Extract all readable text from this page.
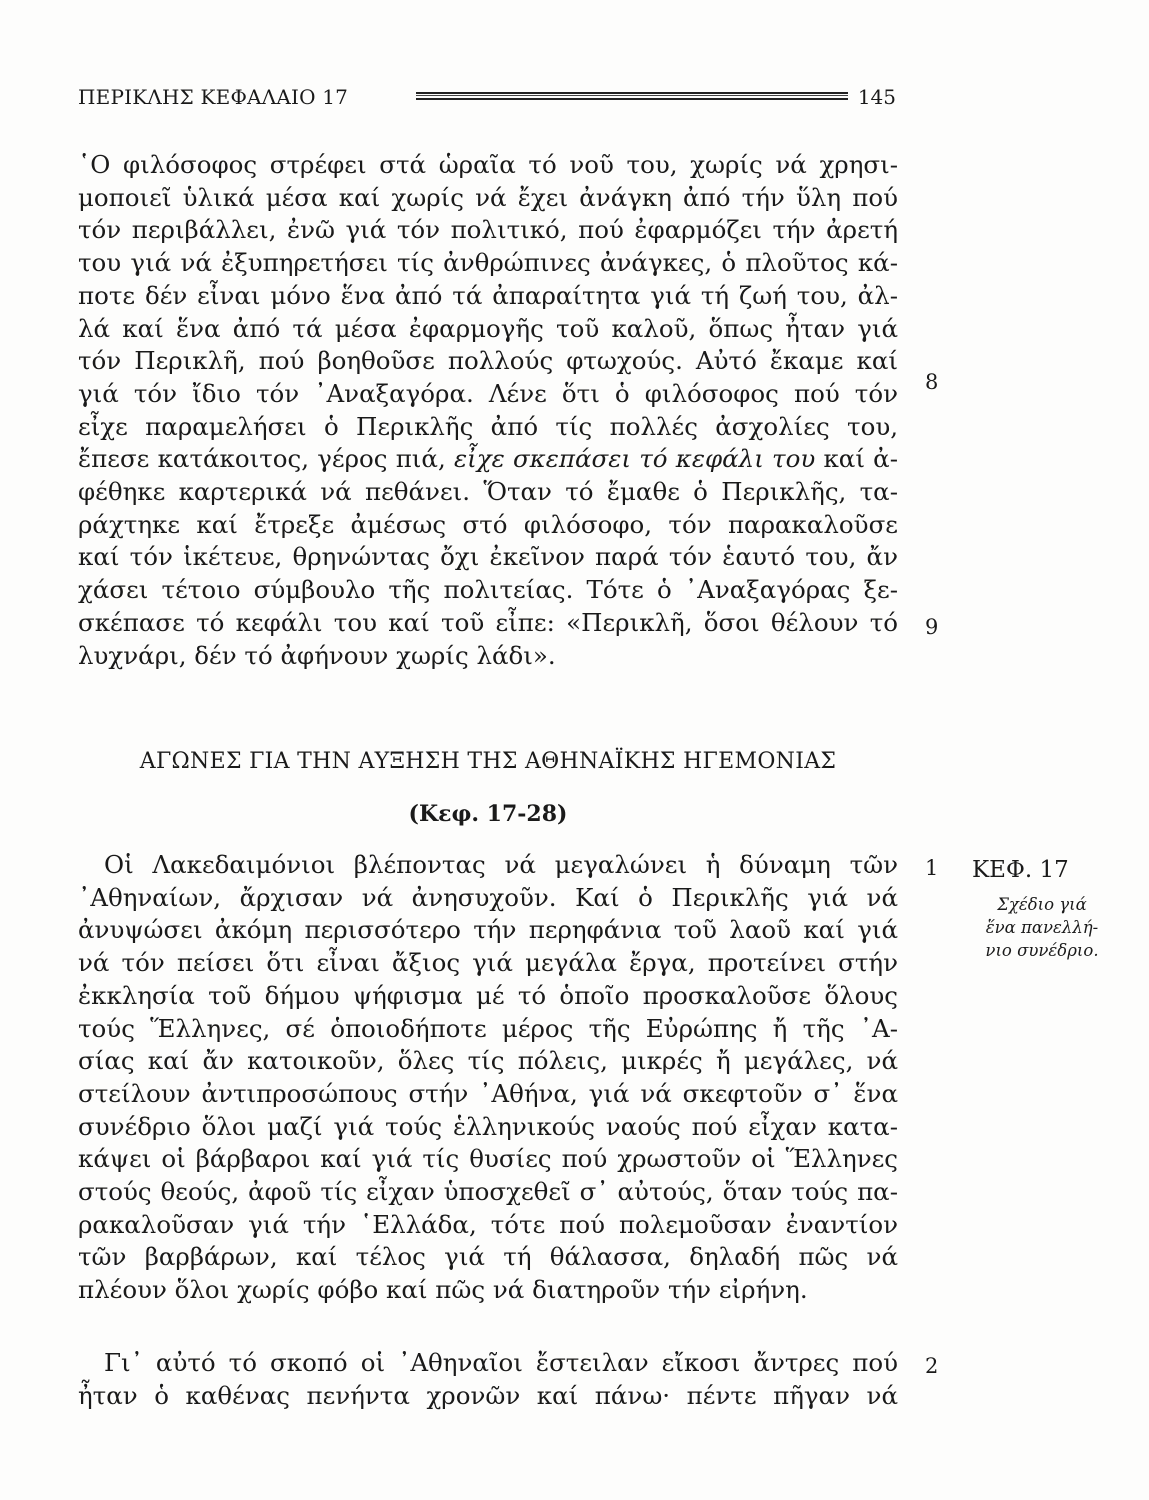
ΠΕΡΙΚΛΗΣ ΚΕΦΑΛΑΙΟ 17	145
῾Ο φιλόσοφος στρέφει στά ὡραῖα τό νοῦ του, χωρίς νά χρησι-
μοποιεῖ ὑλικά μέσα καί χωρίς νά ἔχει ἀνάγκη ἀπό τήν ὕλη πού
τόν περιβάλλει, ἐνῶ γιά τόν πολιτικό, πού ἐφαρμόζει τήν ἀρετή
του γιά νά ἐξυπηρετήσει τίς ἀνθρώπινες ἀνάγκες, ὁ πλοῦτος κά-
ποτε δέν εἶναι μόνο ἕνα ἀπό τά ἀπαραίτητα γιά τή ζωή του, ἀλ-
λά καί ἕνα ἀπό τά μέσα ἐφαρμογῆς τοῦ καλοῦ, ὅπως ἦταν γιά
τόν Περικλῆ, πού βοηθοῦσε πολλούς φτωχούς. Αὐτό ἔκαμε καί
γιά τόν ἴδιο τόν ᾿Αναξαγόρα. Λένε ὅτι ὁ φιλόσοφος πού τόν
εἶχε παραμελήσει ὁ Περικλῆς ἀπό τίς πολλές ἀσχολίες του,
ἔπεσε κατάκοιτος, γέρος πιά, εἶχε σκεπάσει τό κεφάλι του καί ἀ-
φέθηκε καρτερικά νά πεθάνει. Ὅταν τό ἔμαθε ὁ Περικλῆς, τα-
ράχτηκε καί ἔτρεξε ἀμέσως στό φιλόσοφο, τόν παρακαλοῦσε
καί τόν ἱκέτευε, θρηνώντας ὄχι ἐκεῖνον παρά τόν ἑαυτό του, ἄν
χάσει τέτοιο σύμβουλο τῆς πολιτείας. Τότε ὁ ᾿Αναξαγόρας ξε-
σκέπασε τό κεφάλι του καί τοῦ εἶπε: «Περικλῆ, ὅσοι θέλουν τό
λυχνάρι, δέν τό ἀφήνουν χωρίς λάδι».
8
9
ΑΓΩΝΕΣ ΓΙΑ ΤΗΝ ΑΥΞΗΣΗ ΤΗΣ ΑΘΗΝΑΪΚΗΣ ΗΓΕΜΟΝΙΑΣ
(Κεφ. 17-28)
ΚΕΦ. 17
Σχέδιο γιά
ἕνα πανελλή-
νιο συνέδριο.
Οἱ Λακεδαιμόνιοι βλέποντας νά μεγαλώνει ἡ δύναμη τῶν
᾿Αθηναίων, ἄρχισαν νά ἀνησυχοῦν. Καί ὁ Περικλῆς γιά νά
ἀνυψώσει ἀκόμη περισσότερο τήν περηφάνια τοῦ λαοῦ καί γιά
νά τόν πείσει ὅτι εἶναι ἄξιος γιά μεγάλα ἔργα, προτείνει στήν
ἐκκλησία τοῦ δήμου ψήφισμα μέ τό ὁποῖο προσκαλοῦσε ὅλους
τούς Ἕλληνες, σέ ὁποιοδήποτε μέρος τῆς Εὐρώπης ἤ τῆς ᾿Α-
σίας καί ἄν κατοικοῦν, ὅλες τίς πόλεις, μικρές ἤ μεγάλες, νά
στείλουν ἀντιπροσώπους στήν ᾿Αθήνα, γιά νά σκεφτοῦν σ᾿ ἕνα
συνέδριο ὅλοι μαζί γιά τούς ἑλληνικούς ναούς πού εἶχαν κατα-
κάψει οἱ βάρβαροι καί γιά τίς θυσίες πού χρωστοῦν οἱ Ἕλληνες
στούς θεούς, ἀφοῦ τίς εἶχαν ὑποσχεθεῖ σ᾿ αὐτούς, ὅταν τούς πα-
ρακαλοῦσαν γιά τήν ῾Ελλάδα, τότε πού πολεμοῦσαν ἐναντίον
τῶν βαρβάρων, καί τέλος γιά τή θάλασσα, δηλαδή πῶς νά
πλέουν ὅλοι χωρίς φόβο καί πῶς νά διατηροῦν τήν εἰρήνη.
1
Γι᾿ αὐτό τό σκοπό οἱ ᾿Αθηναῖοι ἔστειλαν εἴκοσι ἄντρες πού
ἦταν ὁ καθένας πενήντα χρονῶν καί πάνω· πέντε πῆγαν νά
2
